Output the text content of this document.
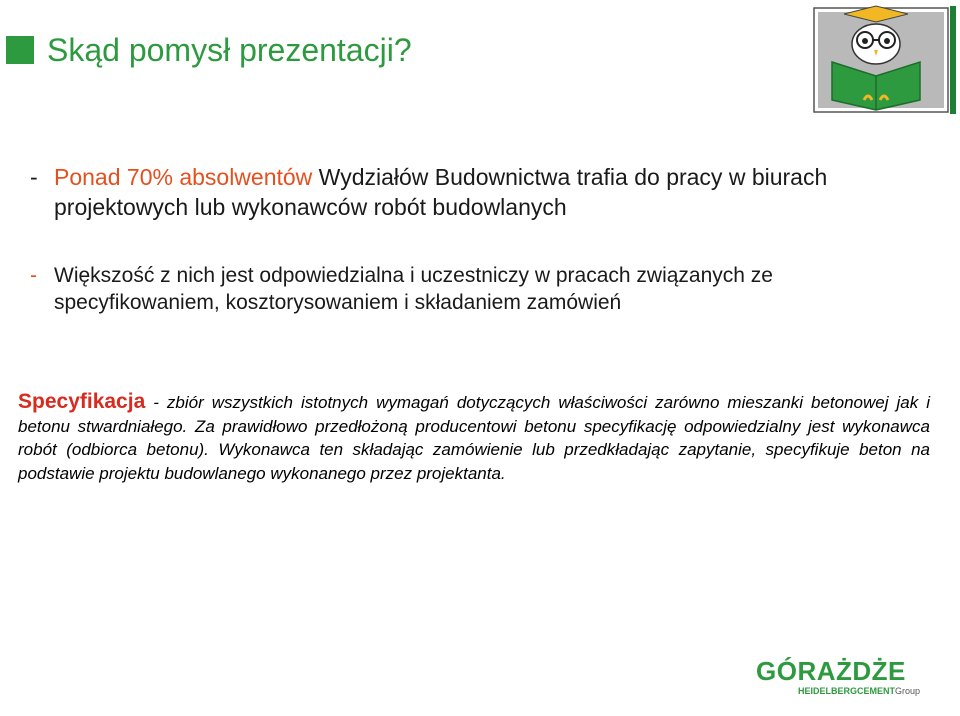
Skąd pomysł prezentacji?
- Ponad 70% absolwentów Wydziałów Budownictwa trafia do pracy w biurach projektowych lub wykonawców robót budowlanych
- Większość z nich jest odpowiedzialna i uczestniczy w pracach związanych ze specyfikowaniem, kosztorysowaniem i składaniem zamówień
Specyfikacja - zbiór wszystkich istotnych wymagań dotyczących właściwości zarówno mieszanki betonowej jak i betonu stwardniałego. Za prawidłowo przedłożoną producentowi betonu specyfikację odpowiedzialny jest wykonawca robót (odbiorca betonu). Wykonawca ten składając zamówienie lub przedkładając zapytanie, specyfikuje beton na podstawie projektu budowlanego wykonanego przez projektanta.
GÓRAŻDŻE
HEIDELBERGCEMENTGroup
